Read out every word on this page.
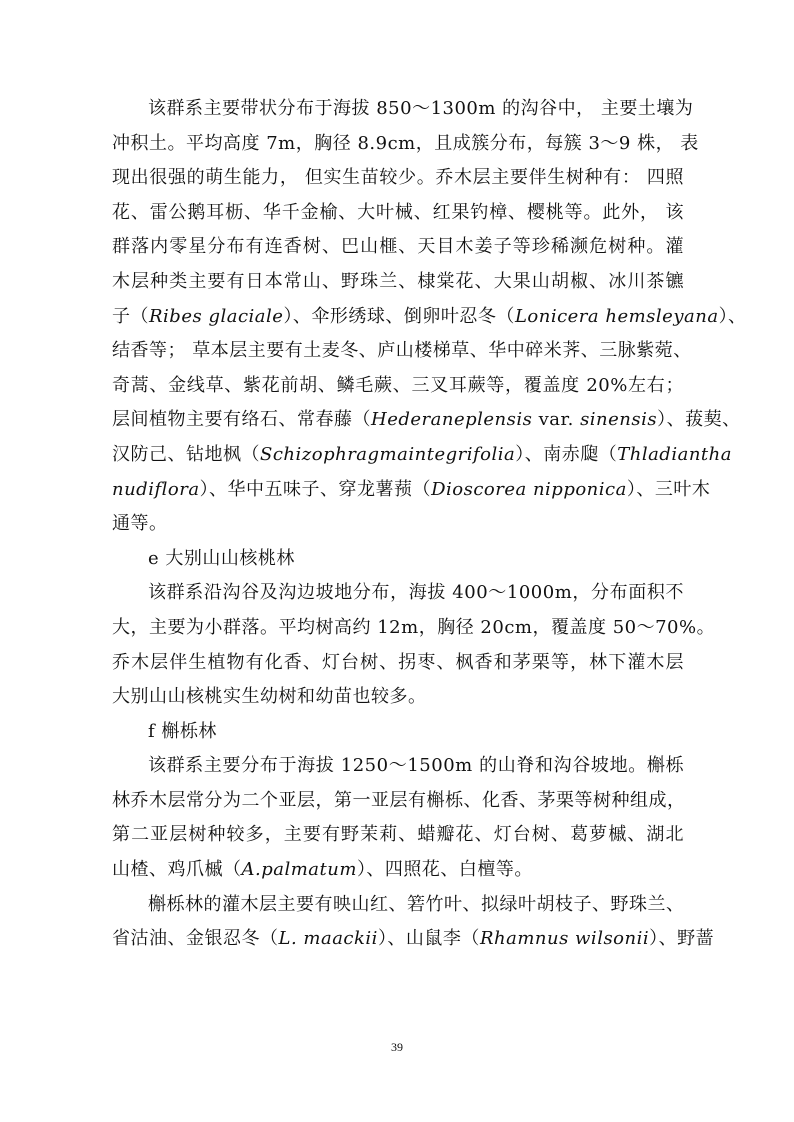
该群系主要带状分布于海拔 850～1300m 的沟谷中， 主要土壤为
冲积土。平均高度 7m，胸径 8.9cm，且成簇分布，每簇 3～9 株， 表
现出很强的萌生能力， 但实生苗较少。乔木层主要伴生树种有： 四照
花、雷公鹅耳枥、华千金榆、大叶械、红果钓樟、樱桃等。此外， 该
群落内零星分布有连香树、巴山榧、天目木姜子等珍稀濒危树种。灌
木层种类主要有日本常山、野珠兰、棣棠花、大果山胡椒、冰川茶镳
子（Ribes glaciale）、伞形绣球、倒卵叶忍冬（Lonicera hemsleyana）、
结香等； 草本层主要有土麦冬、庐山楼梯草、华中碎米荠、三脉紫菀、
奇蒿、金线草、紫花前胡、鳞毛蕨、三叉耳蕨等，覆盖度 20%左右；
层间植物主要有络石、常春藤（Hederaneplensis var. sinensis）、菝葜、
汉防己、钻地枫（Schizophragmaintegrifolia）、南赤瓟（Thladiantha
nudiflora）、华中五味子、穿龙薯蓣（Dioscorea nipponica）、三叶木
通等。
e 大别山山核桃林
该群系沿沟谷及沟边坡地分布，海拔 400～1000m，分布面积不
大，主要为小群落。平均树高约 12m，胸径 20cm，覆盖度 50～70%。
乔木层伴生植物有化香、灯台树、拐枣、枫香和茅栗等，林下灌木层
大别山山核桃实生幼树和幼苗也较多。
f 槲栎林
该群系主要分布于海拔 1250～1500m 的山脊和沟谷坡地。槲栎
林乔木层常分为二个亚层，第一亚层有槲栎、化香、茅栗等树种组成，
第二亚层树种较多，主要有野茉莉、蜡瓣花、灯台树、葛萝槭、湖北
山楂、鸡爪槭（A.palmatum）、四照花、白檀等。
槲栎林的灌木层主要有映山红、箬竹叶、拟绿叶胡枝子、野珠兰、
省沽油、金银忍冬（L. maackii）、山鼠李（Rhamnus wilsonii）、野蔷
39
